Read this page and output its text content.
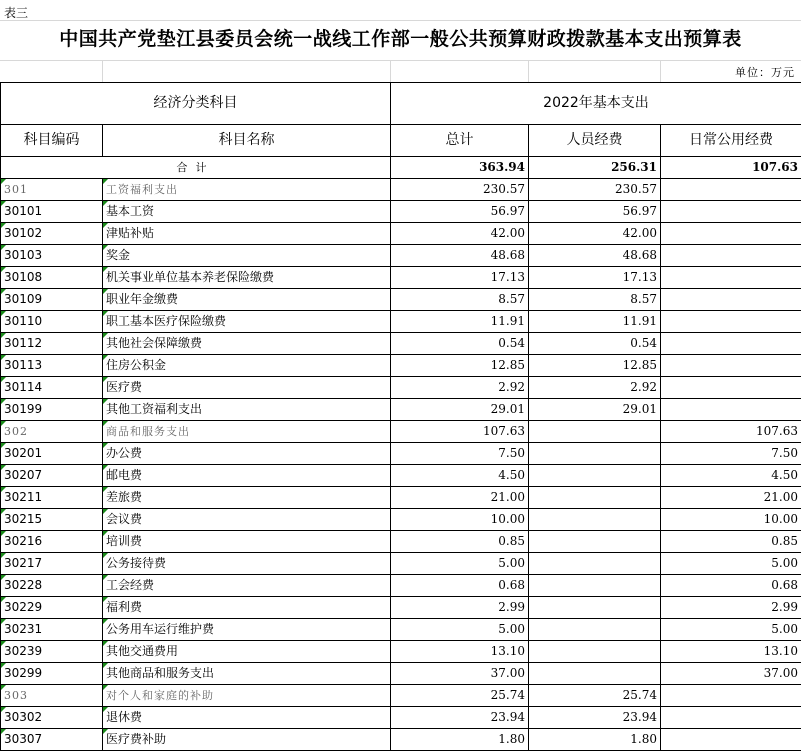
表三
中国共产党垫江县委员会统一战线工作部一般公共预算财政拨款基本支出预算表
单位：万元
经济分类科目		2022年基本支出		
科目编码	科目名称	总计	人员经费	日常公用经费
合计		363.94	256.31	107.63
301	工资福利支出	230.57	230.57	
30101	基本工资	56.97	56.97	
30102	津贴补贴	42.00	42.00	
30103	奖金	48.68	48.68	
30108	机关事业单位基本养老保险缴费	17.13	17.13	
30109	职业年金缴费	8.57	8.57	
30110	职工基本医疗保险缴费	11.91	11.91	
30112	其他社会保障缴费	0.54	0.54	
30113	住房公积金	12.85	12.85	
30114	医疗费	2.92	2.92	
30199	其他工资福利支出	29.01	29.01	
302	商品和服务支出	107.63		107.63
30201	办公费	7.50		7.50
30207	邮电费	4.50		4.50
30211	差旅费	21.00		21.00
30215	会议费	10.00		10.00
30216	培训费	0.85		0.85
30217	公务接待费	5.00		5.00
30228	工会经费	0.68		0.68
30229	福利费	2.99		2.99
30231	公务用车运行维护费	5.00		5.00
30239	其他交通费用	13.10		13.10
30299	其他商品和服务支出	37.00		37.00
303	对个人和家庭的补助	25.74	25.74	
30302	退休费	23.94	23.94	
30307	医疗费补助	1.80	1.80	
